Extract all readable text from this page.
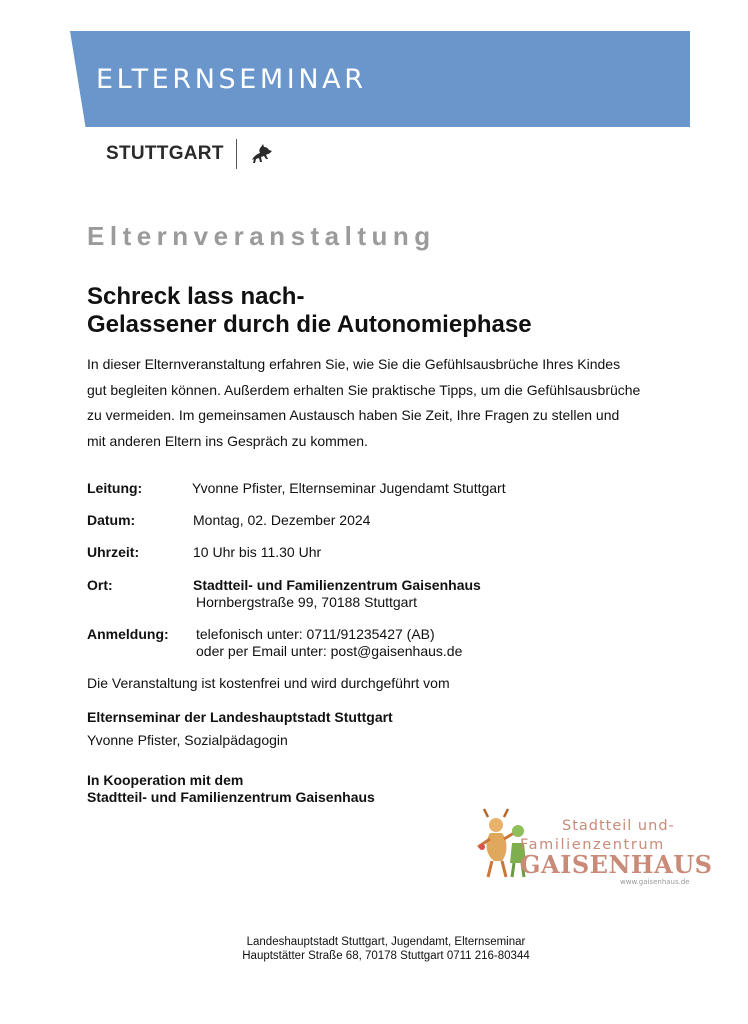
ELTERNSEMINAR
STUTTGART
Elternveranstaltung
Schreck lass nach-
Gelassener durch die Autonomiephase
In dieser Elternveranstaltung erfahren Sie, wie Sie die Gefühlsausbrüche Ihres Kindes
gut begleiten können. Außerdem erhalten Sie praktische Tipps, um die Gefühlsausbrüche
zu vermeiden. Im gemeinsamen Austausch haben Sie Zeit, Ihre Fragen zu stellen und
mit anderen Eltern ins Gespräch zu kommen.
Leitung:	Yvonne Pfister, Elternseminar Jugendamt Stuttgart
Datum:	Montag, 02. Dezember 2024
Uhrzeit:	10 Uhr bis 11.30 Uhr
Ort:	Stadtteil- und Familienzentrum Gaisenhaus
Hornbergstraße 99, 70188 Stuttgart
Anmeldung: telefonisch unter: 0711/91235427 (AB)
oder per Email unter: post@gaisenhaus.de
Die Veranstaltung ist kostenfrei und wird durchgeführt vom
Elternseminar der Landeshauptstadt Stuttgart
Yvonne Pfister, Sozialpädagogin
In Kooperation mit dem
Stadtteil- und Familienzentrum Gaisenhaus
Stadtteil und-
Familienzentrum
GAISENHAUS
www.gaisenhaus.de
Landeshauptstadt Stuttgart, Jugendamt, Elternseminar
Hauptstätter Straße 68, 70178 Stuttgart 0711 216-80344
